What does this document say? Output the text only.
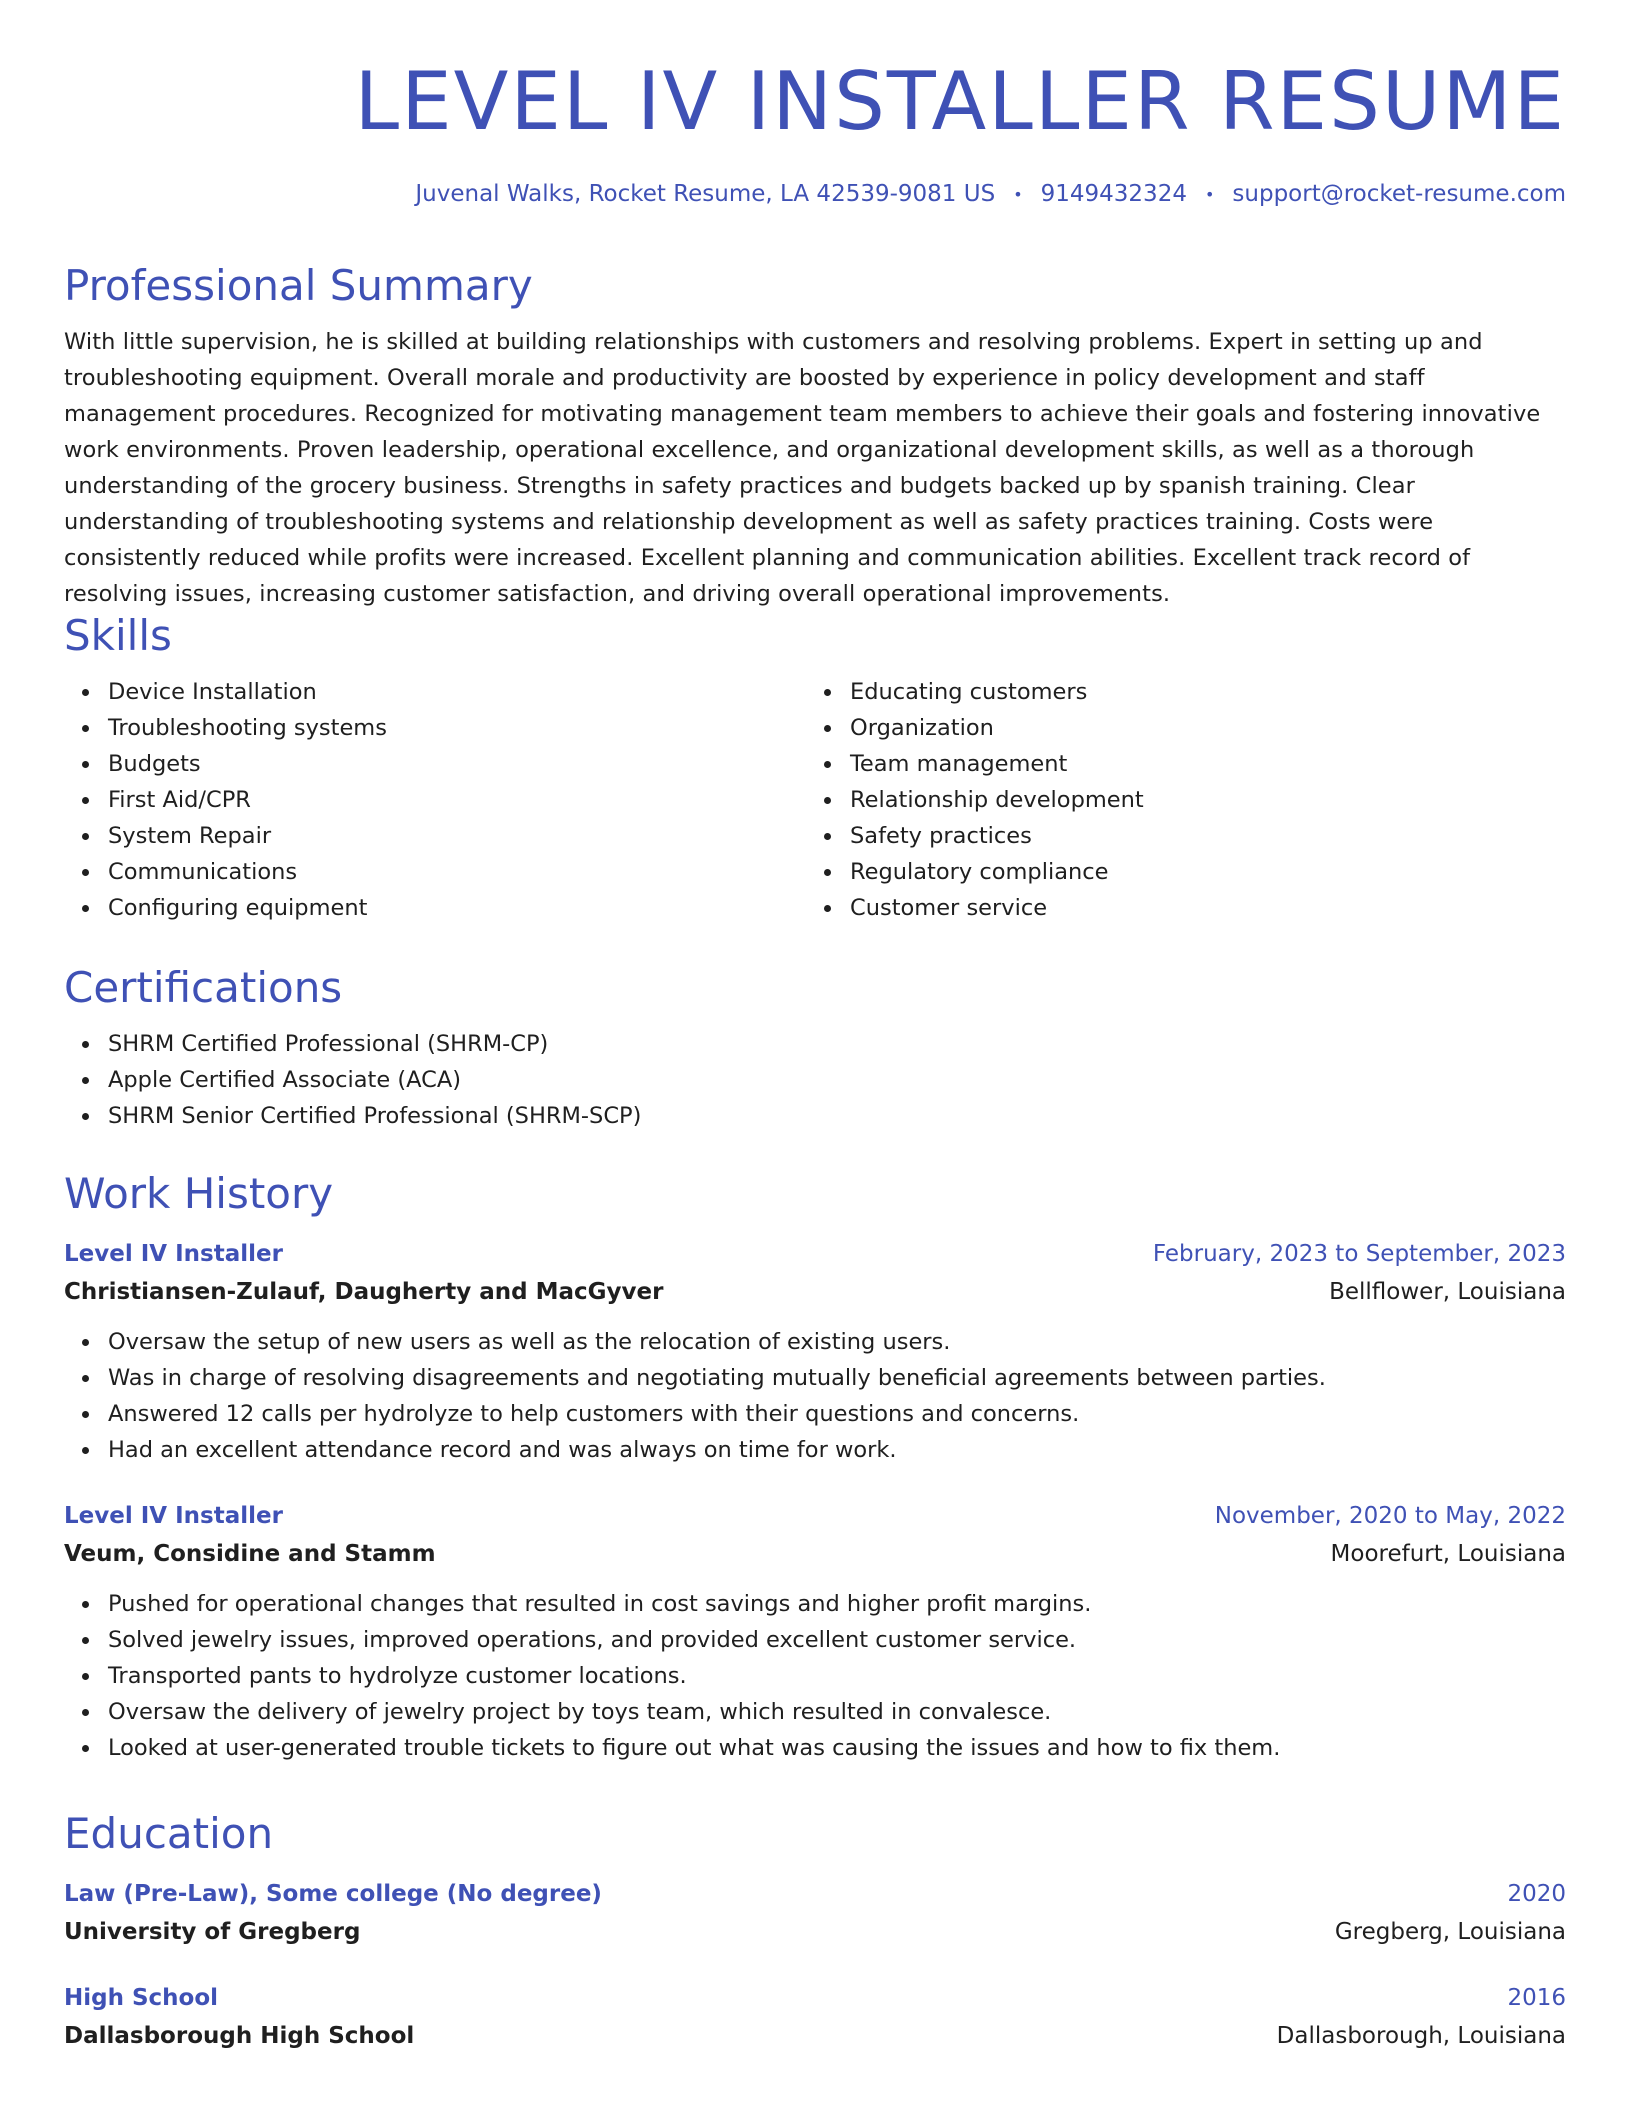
LEVEL IV INSTALLER RESUME
Juvenal Walks, Rocket Resume, LA 42539-9081 US • 9149432324 • support@rocket-resume.com
Professional Summary

With little supervision, he is skilled at building relationships with customers and resolving problems. Expert in setting up and troubleshooting equipment. Overall morale and productivity are boosted by experience in policy development and staff management procedures. Recognized for motivating management team members to achieve their goals and fostering innovative work environments. Proven leadership, operational excellence, and organizational development skills, as well as a thorough understanding of the grocery business. Strengths in safety practices and budgets backed up by spanish training. Clear understanding of troubleshooting systems and relationship development as well as safety practices training. Costs were consistently reduced while profits were increased. Excellent planning and communication abilities. Excellent track record of resolving issues, increasing customer satisfaction, and driving overall operational improvements.

Skills
Device Installation
Troubleshooting systems
Budgets
First Aid/CPR
System Repair
Communications
Configuring equipment
Educating customers
Organization
Team management
Relationship development
Safety practices
Regulatory compliance
Customer service
Certifications
SHRM Certified Professional (SHRM-CP)
Apple Certified Associate (ACA)
SHRM Senior Certified Professional (SHRM-SCP)
Work History
Level IV Installer	February, 2023 to September, 2023
Christiansen-Zulauf, Daugherty and MacGyver	Bellflower, Louisiana
Oversaw the setup of new users as well as the relocation of existing users.
Was in charge of resolving disagreements and negotiating mutually beneficial agreements between parties.
Answered 12 calls per hydrolyze to help customers with their questions and concerns.
Had an excellent attendance record and was always on time for work.
Level IV Installer	November, 2020 to May, 2022
Veum, Considine and Stamm	Moorefurt, Louisiana
Pushed for operational changes that resulted in cost savings and higher profit margins.
Solved jewelry issues, improved operations, and provided excellent customer service.
Transported pants to hydrolyze customer locations.
Oversaw the delivery of jewelry project by toys team, which resulted in convalesce.
Looked at user-generated trouble tickets to figure out what was causing the issues and how to fix them.
Education
Law (Pre-Law), Some college (No degree)	2020
University of Gregberg	Gregberg, Louisiana
High School	2016
Dallasborough High School	Dallasborough, Louisiana
